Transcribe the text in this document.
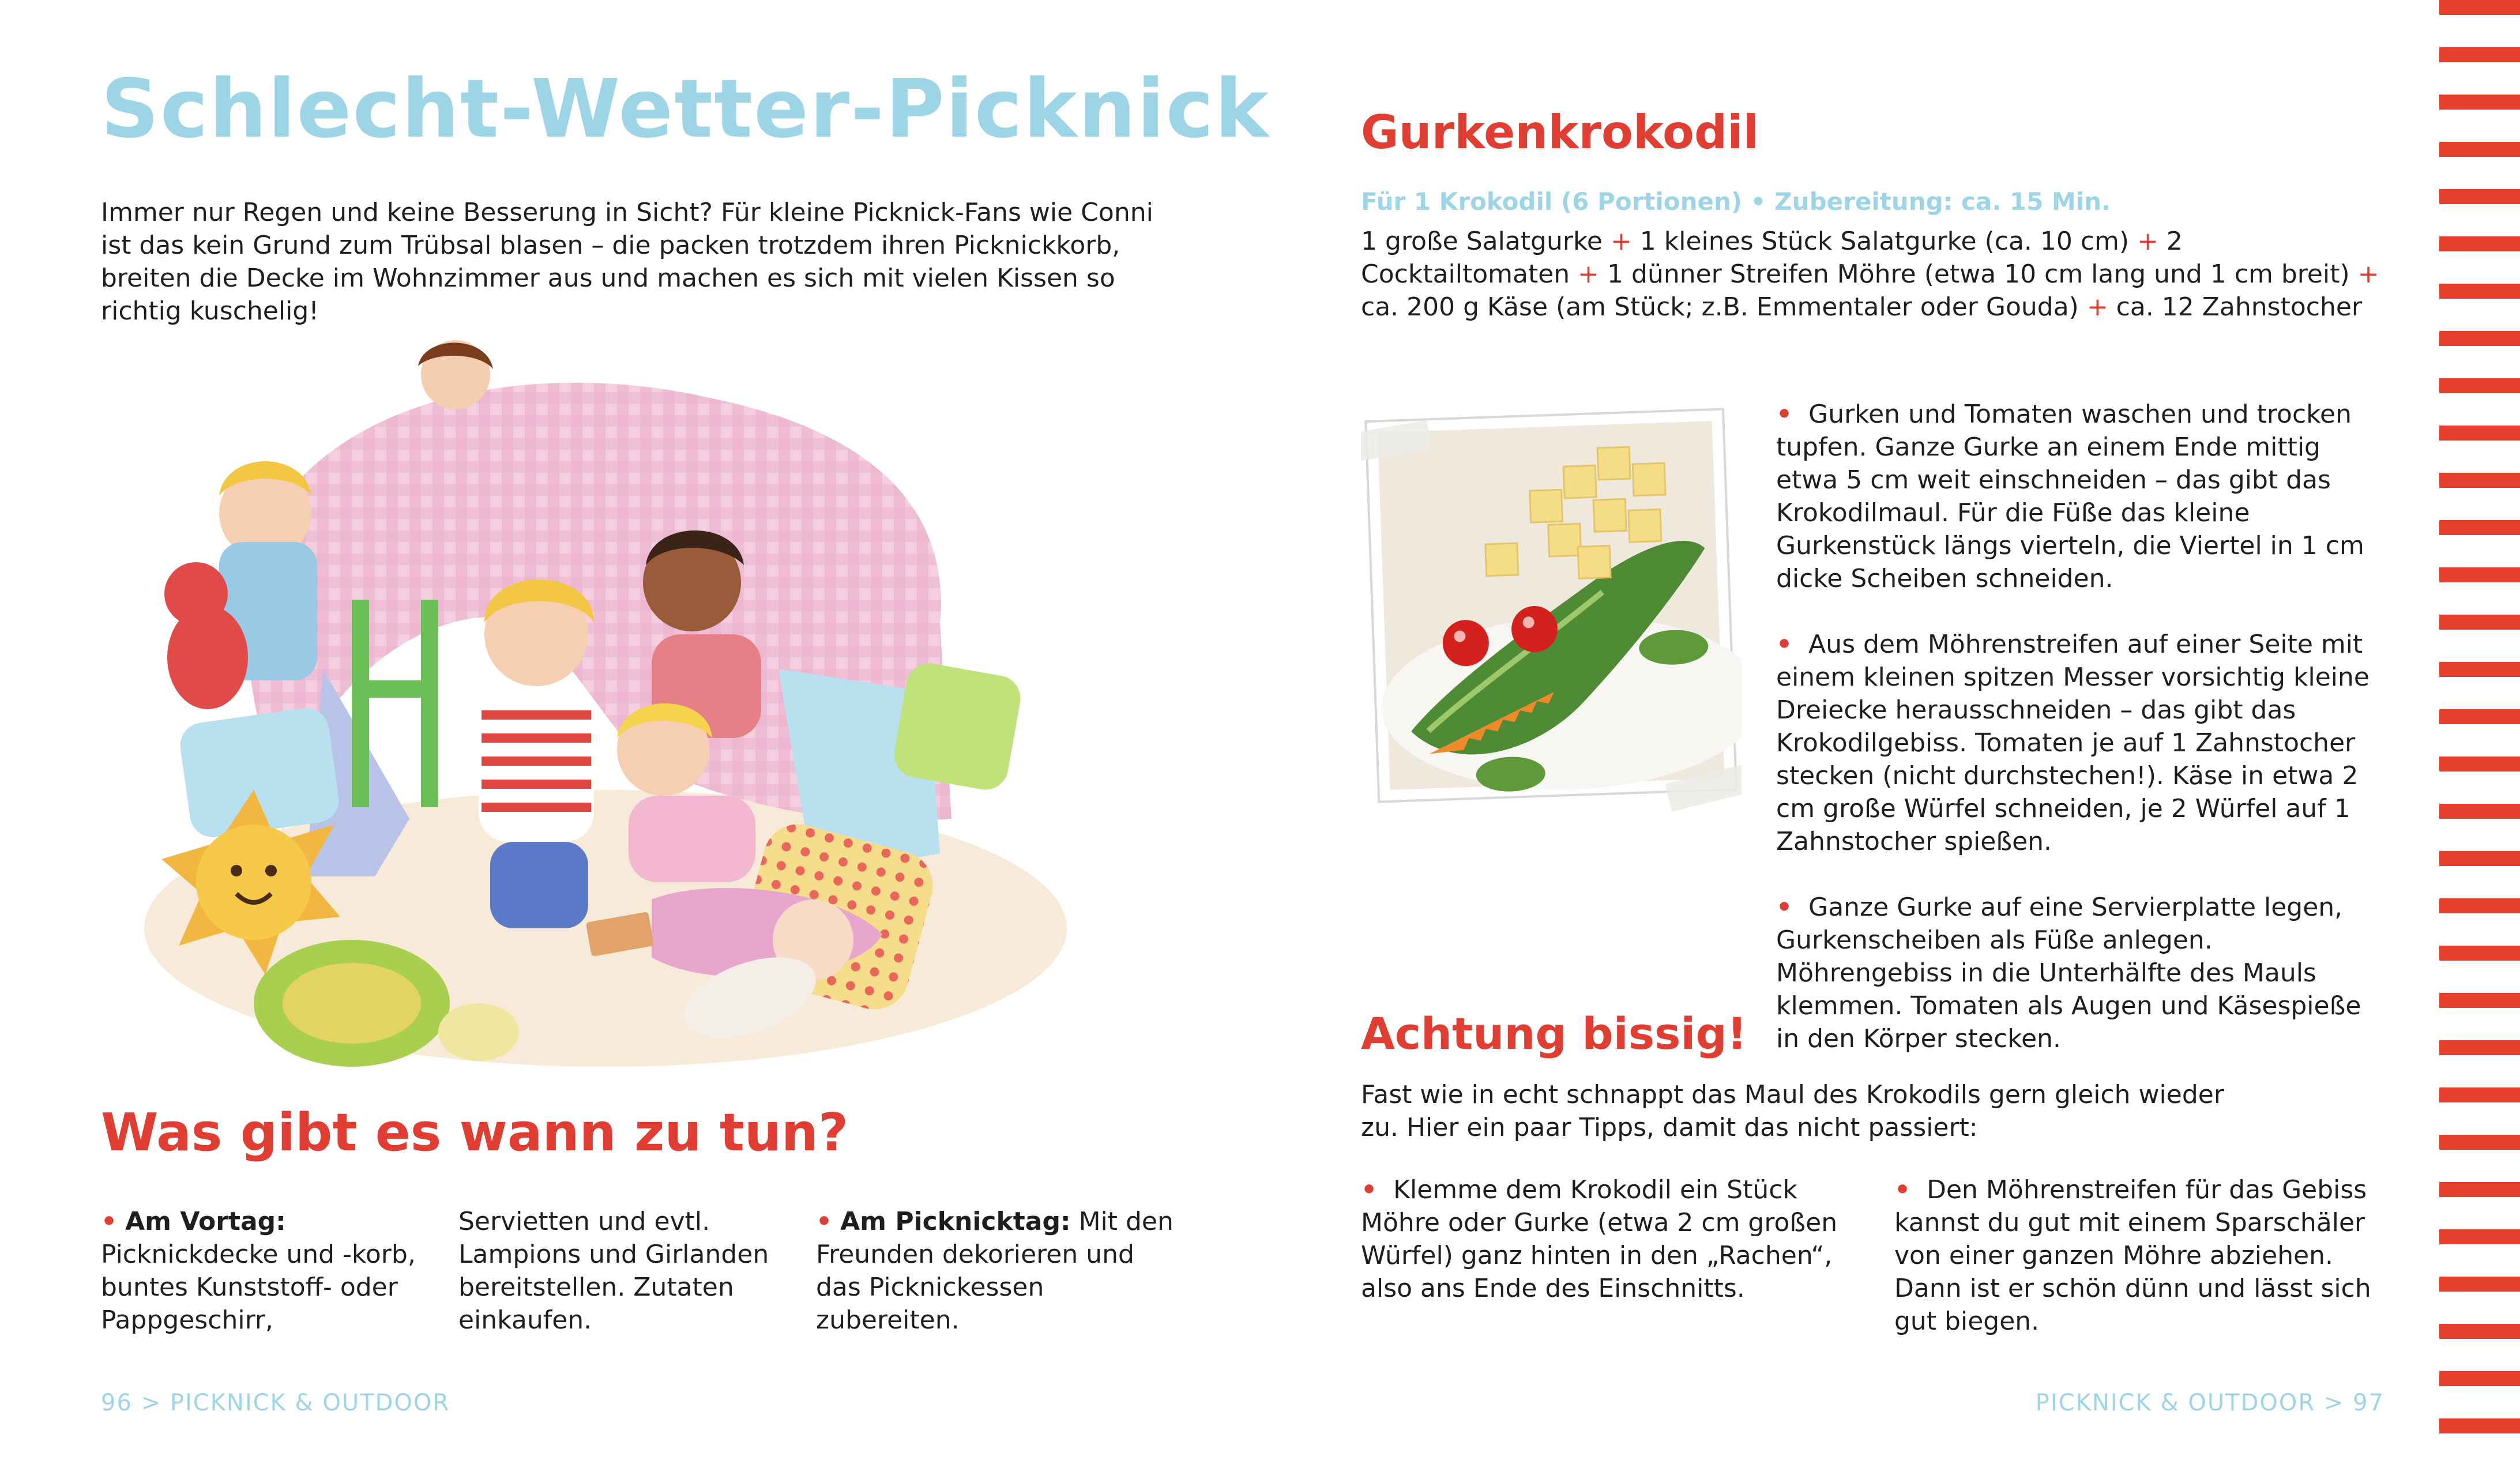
Schlecht-Wetter-Picknick
Immer nur Regen und keine Besserung in Sicht? Für kleine Picknick-Fans wie Conni ist das kein Grund zum Trübsal blasen – die packen trotzdem ihren Picknickkorb, breiten die Decke im Wohnzimmer aus und machen es sich mit vielen Kissen so richtig kuschelig!
Was gibt es wann zu tun?
• Am Vortag: Picknickdecke und -korb, buntes Kunststoff- oder Pappgeschirr,
Servietten und evtl. Lampions und Girlanden bereitstellen. Zutaten einkaufen.
• Am Picknicktag: Mit den Freunden dekorieren und das Picknickessen zubereiten.
96 > PICKNICK & OUTDOOR
Gurkenkrokodil
Für 1 Krokodil (6 Portionen) • Zubereitung: ca. 15 Min.
1 große Salatgurke + 1 kleines Stück Salatgurke (ca. 10 cm) + 2 Cocktailtomaten + 1 dünner Streifen Möhre (etwa 10 cm lang und 1 cm breit) + ca. 200 g Käse (am Stück; z.B. Emmentaler oder Gouda) + ca. 12 Zahnstocher

• Gurken und Tomaten waschen und trocken tupfen. Ganze Gurke an einem Ende mittig etwa 5 cm weit einschneiden – das gibt das Krokodilmaul. Für die Füße das kleine Gurkenstück längs vierteln, die Viertel in 1 cm dicke Scheiben schneiden.

• Aus dem Möhrenstreifen auf einer Seite mit einem kleinen spitzen Messer vorsichtig kleine Dreiecke herausschneiden – das gibt das Krokodilgebiss. Tomaten je auf 1 Zahnstocher stecken (nicht durchstechen!). Käse in etwa 2 cm große Würfel schneiden, je 2 Würfel auf 1 Zahnstocher spießen.

• Ganze Gurke auf eine Servierplatte legen, Gurkenscheiben als Füße anlegen. Möhrengebiss in die Unterhälfte des Mauls klemmen. Tomaten als Augen und Käsespieße in den Körper stecken.

Achtung bissig!
Fast wie in echt schnappt das Maul des Krokodils gern gleich wieder zu. Hier ein paar Tipps, damit das nicht passiert:
• Klemme dem Krokodil ein Stück Möhre oder Gurke (etwa 2 cm großen Würfel) ganz hinten in den „Rachen“, also ans Ende des Einschnitts.
• Den Möhrenstreifen für das Gebiss kannst du gut mit einem Sparschäler von einer ganzen Möhre abziehen. Dann ist er schön dünn und lässt sich gut biegen.
PICKNICK & OUTDOOR > 97
